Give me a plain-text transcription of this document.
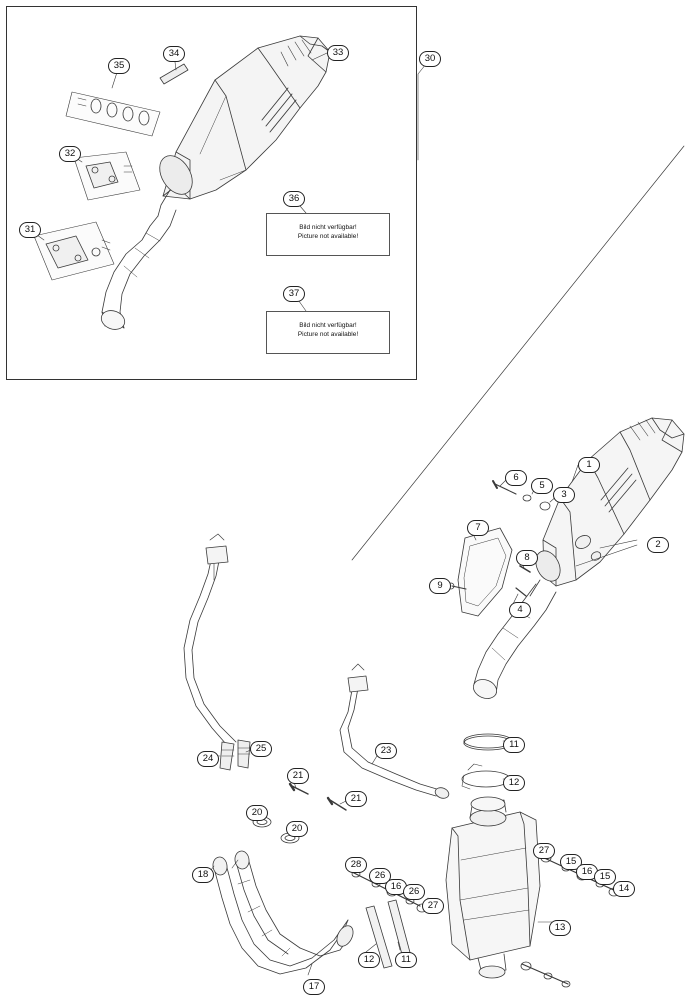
Bild nicht verfügbar!
Picture not available!
Bild nicht verfügbar!
Picture not available!
30
33
34
35
32
31
36
37
1
6
5
3
2
7
8
9
4
11
12
23
24
25
21
21
20
20
18
28
26
16 26
27
27
15
16 15
14
13
12	11
17
